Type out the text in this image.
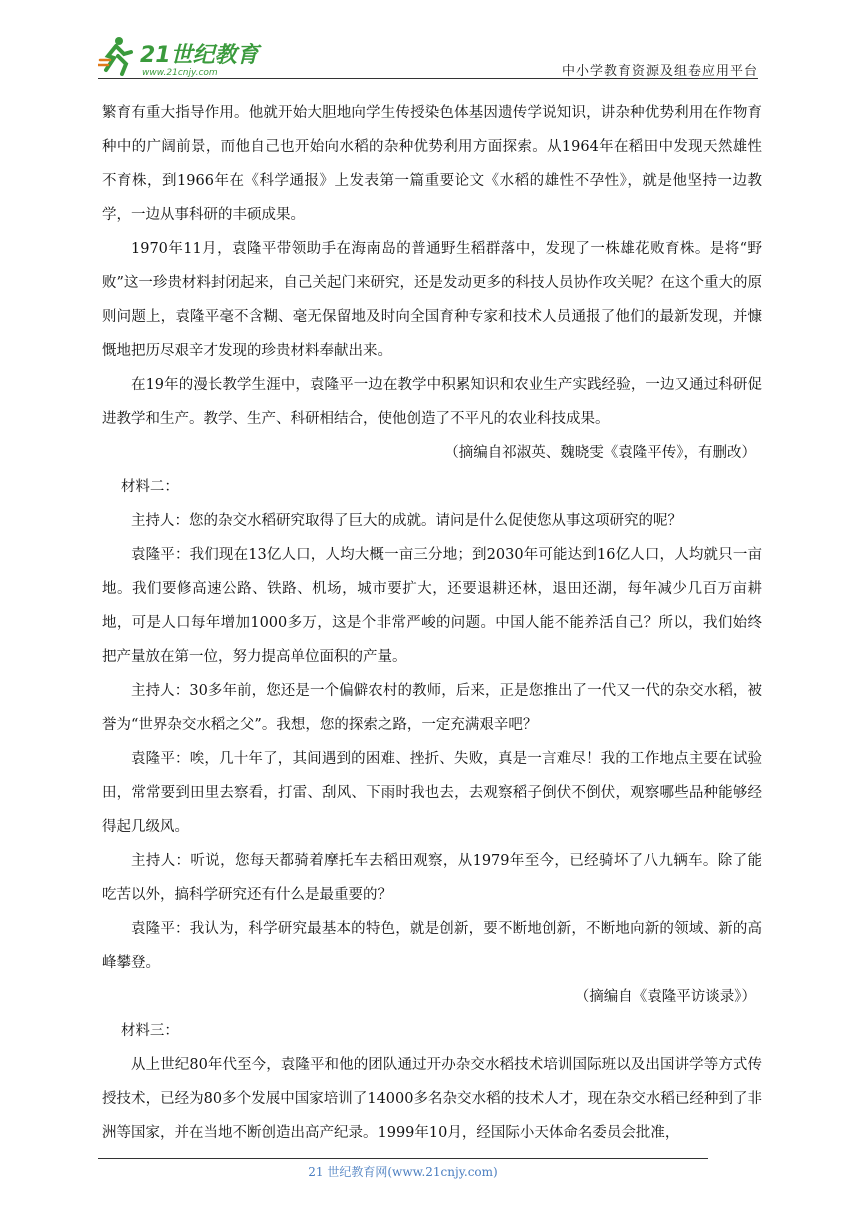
21世纪教育
www.21cnjy.com	中小学教育资源及组卷应用平台

繁育有重大指导作用。他就开始大胆地向学生传授染色体基因遗传学说知识，讲杂种优势利用在作物育种中的广阔前景，而他自己也开始向水稻的杂种优势利用方面探索。从1964年在稻田中发现天然雄性不育株，到1966年在《科学通报》上发表第一篇重要论文《水稻的雄性不孕性》，就是他坚持一边教学，一边从事科研的丰硕成果。

1970年11月，袁隆平带领助手在海南岛的普通野生稻群落中，发现了一株雄花败育株。是将“野败”这一珍贵材料封闭起来，自己关起门来研究，还是发动更多的科技人员协作攻关呢？在这个重大的原则问题上，袁隆平毫不含糊、毫无保留地及时向全国育种专家和技术人员通报了他们的最新发现，并慷慨地把历尽艰辛才发现的珍贵材料奉献出来。

在19年的漫长教学生涯中，袁隆平一边在教学中积累知识和农业生产实践经验，一边又通过科研促进教学和生产。教学、生产、科研相结合，使他创造了不平凡的农业科技成果。

（摘编自祁淑英、魏晓雯《袁隆平传》，有删改）

材料二：

主持人：您的杂交水稻研究取得了巨大的成就。请问是什么促使您从事这项研究的呢？

袁隆平：我们现在13亿人口，人均大概一亩三分地；到2030年可能达到16亿人口，人均就只一亩地。我们要修高速公路、铁路、机场，城市要扩大，还要退耕还林，退田还湖，每年减少几百万亩耕地，可是人口每年增加1000多万，这是个非常严峻的问题。中国人能不能养活自己？所以，我们始终把产量放在第一位，努力提高单位面积的产量。

主持人：30多年前，您还是一个偏僻农村的教师，后来，正是您推出了一代又一代的杂交水稻，被誉为“世界杂交水稻之父”。我想，您的探索之路，一定充满艰辛吧？

袁隆平：唉，几十年了，其间遇到的困难、挫折、失败，真是一言难尽！我的工作地点主要在试验田，常常要到田里去察看，打雷、刮风、下雨时我也去，去观察稻子倒伏不倒伏，观察哪些品种能够经得起几级风。

主持人：听说，您每天都骑着摩托车去稻田观察，从1979年至今，已经骑坏了八九辆车。除了能吃苦以外，搞科学研究还有什么是最重要的？

袁隆平：我认为，科学研究最基本的特色，就是创新，要不断地创新，不断地向新的领域、新的高峰攀登。

（摘编自《袁隆平访谈录》）

材料三：

从上世纪80年代至今，袁隆平和他的团队通过开办杂交水稻技术培训国际班以及出国讲学等方式传授技术，已经为80多个发展中国家培训了14000多名杂交水稻的技术人才，现在杂交水稻已经种到了非洲等国家，并在当地不断创造出高产纪录。1999年10月，经国际小天体命名委员会批准，

21 世纪教育网(www.21cnjy.com)
